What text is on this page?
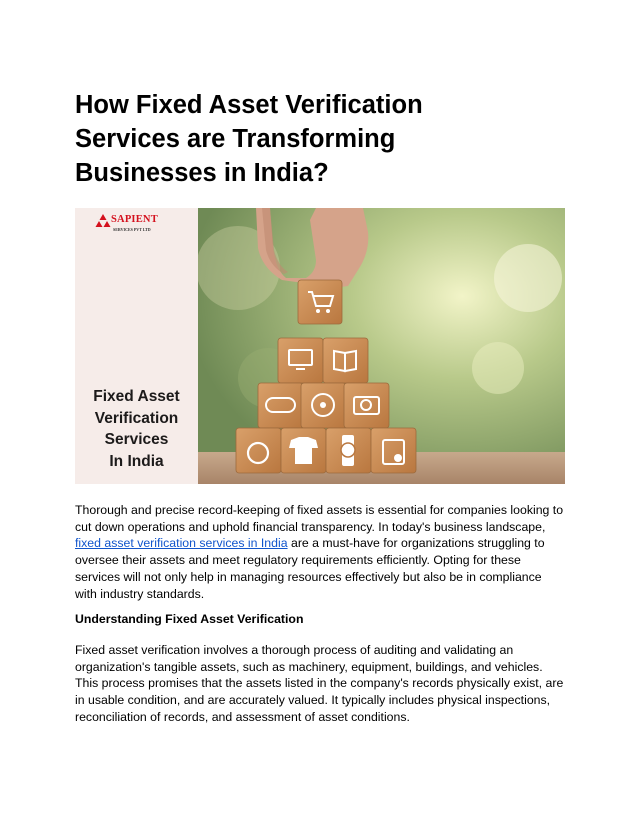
How Fixed Asset Verification
Services are Transforming
Businesses in India?
SAPIENT
SERVICES PVT LTD
Fixed Asset
Verification
Services
In India

Thorough and precise record-keeping of fixed assets is essential for companies looking to cut down operations and uphold financial transparency. In today's business landscape, fixed asset verification services in India are a must-have for organizations struggling to oversee their assets and meet regulatory requirements efficiently. Opting for these services will not only help in managing resources effectively but also be in compliance with industry standards.

Understanding Fixed Asset Verification

Fixed asset verification involves a thorough process of auditing and validating an organization's tangible assets, such as machinery, equipment, buildings, and vehicles. This process promises that the assets listed in the company's records physically exist, are in usable condition, and are accurately valued. It typically includes physical inspections, reconciliation of records, and assessment of asset conditions.
